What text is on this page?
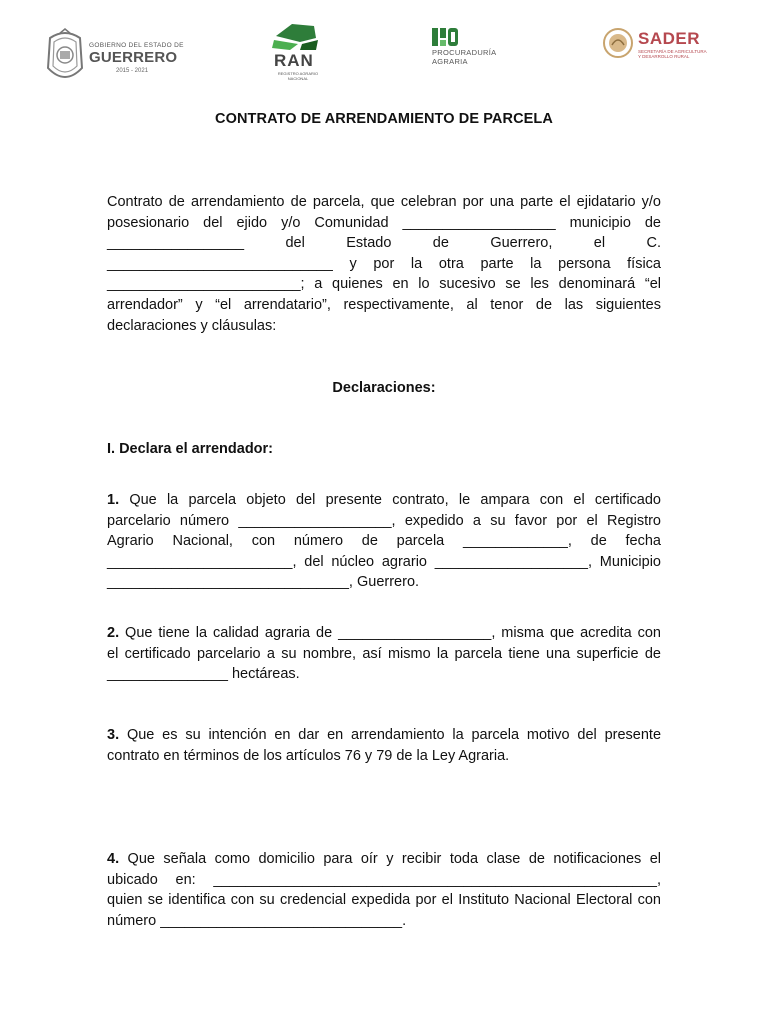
GOBIERNO DEL ESTADO DE
GUERRERO
2015 - 2021
RAN
REGISTRO AGRARIO NACIONAL
PROCURADURÍA
AGRARIA
SADER
SECRETARÍA DE AGRICULTURA Y DESARROLLO RURAL
CONTRATO DE ARRENDAMIENTO DE PARCELA
Contrato de arrendamiento de parcela, que celebran por una parte el ejidatario y/o
posesionario del ejido y/o Comunidad ___________________ municipio de
_________________ del Estado de Guerrero, el C.
____________________________ y por la otra parte la persona física
________________________; a quienes en lo sucesivo se les denominará “el
arrendador” y “el arrendatario”, respectivamente, al tenor de las siguientes
declaraciones y cláusulas:
Declaraciones:
I. Declara el arrendador:
1. Que la parcela objeto del presente contrato, le ampara con el certificado
parcelario número ___________________, expedido a su favor por el Registro
Agrario Nacional, con número de parcela _____________, de fecha
_______________________, del núcleo agrario ___________________, Municipio
______________________________, Guerrero.
2. Que tiene la calidad agraria de ___________________, misma que acredita con
el certificado parcelario a su nombre, así mismo la parcela tiene una superficie de
_______________ hectáreas.
3. Que es su intención en dar en arrendamiento la parcela motivo del presente
contrato en términos de los artículos 76 y 79 de la Ley Agraria.
4. Que señala como domicilio para oír y recibir toda clase de notificaciones el
ubicado en: _______________________________________________________,
quien se identifica con su credencial expedida por el Instituto Nacional Electoral con
número ______________________________.
